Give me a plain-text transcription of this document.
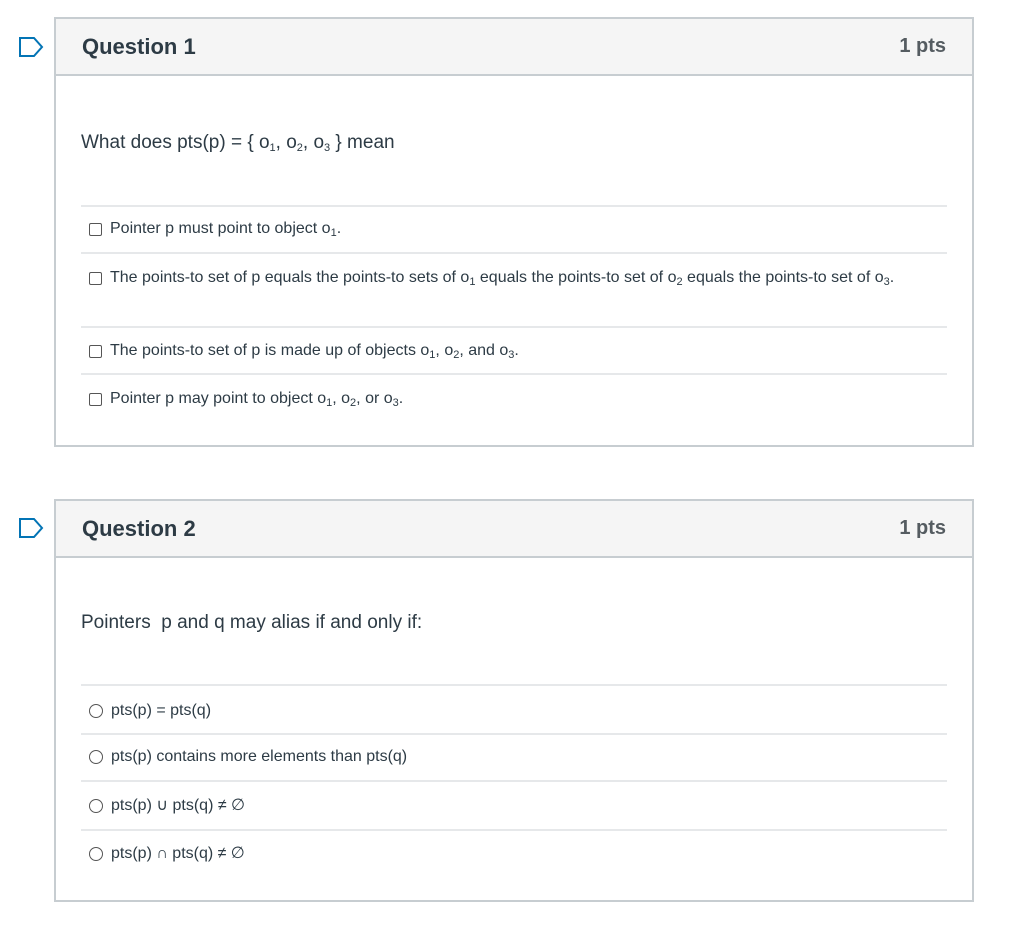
Question 1	1 pts
What does pts(p) = { $o_1$, $o_2$, $o_3$ } mean
Pointer p must point to object $o_1$.
The points-to set of p equals the points-to sets of $o_1$ equals the points-to set of $o_2$ equals the points-to set of $o_3$.
The points-to set of p is made up of objects $o_1$, $o_2$, and $o_3$.
Pointer p may point to object $o_1$, $o_2$, or $o_3$.
Question 2	1 pts
Pointers  p and q may alias if and only if:
pts(p) = pts(q)
pts(p) contains more elements than pts(q)
pts(p) ∪ pts(q) ≠ ∅
pts(p) ∩ pts(q) ≠ ∅
